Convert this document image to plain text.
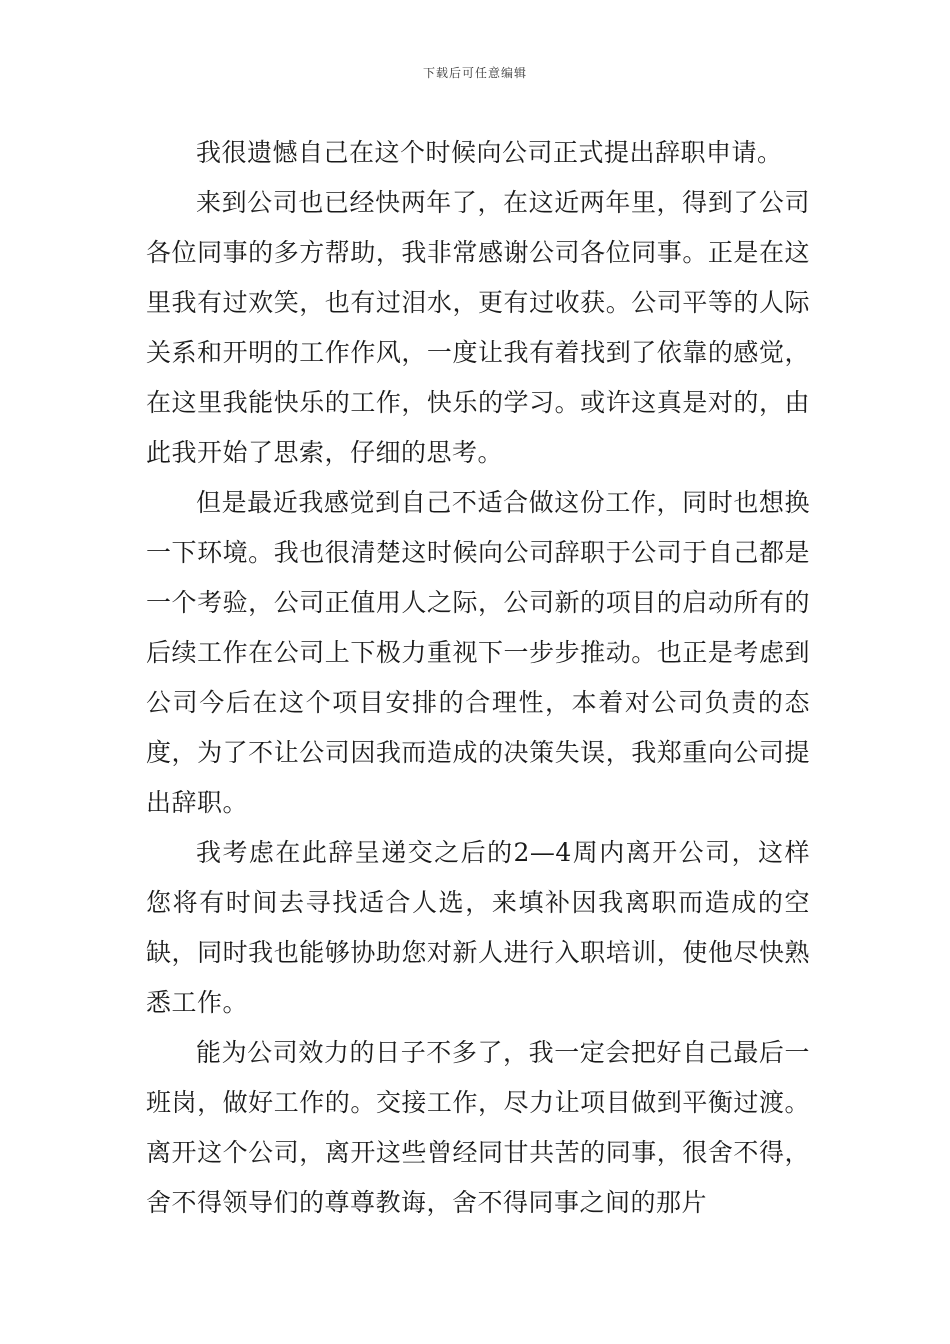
下载后可任意编辑

我很遗憾自己在这个时候向公司正式提出辞职申请。

来到公司也已经快两年了，在这近两年里，得到了公司各位同事的多方帮助，我非常感谢公司各位同事。正是在这里我有过欢笑，也有过泪水，更有过收获。公司平等的人际关系和开明的工作作风，一度让我有着找到了依靠的感觉，在这里我能快乐的工作，快乐的学习。或许这真是对的，由此我开始了思索，仔细的思考。

但是最近我感觉到自己不适合做这份工作，同时也想换一下环境。我也很清楚这时候向公司辞职于公司于自己都是一个考验，公司正值用人之际，公司新的项目的启动所有的后续工作在公司上下极力重视下一步步推动。也正是考虑到公司今后在这个项目安排的合理性，本着对公司负责的态度，为了不让公司因我而造成的决策失误，我郑重向公司提出辞职。

我考虑在此辞呈递交之后的2—4周内离开公司，这样您将有时间去寻找适合人选，来填补因我离职而造成的空缺，同时我也能够协助您对新人进行入职培训，使他尽快熟悉工作。

能为公司效力的日子不多了，我一定会把好自己最后一班岗，做好工作的。交接工作，尽力让项目做到平衡过渡。离开这个公司，离开这些曾经同甘共苦的同事，很舍不得，舍不得领导们的尊尊教诲，舍不得同事之间的那片
